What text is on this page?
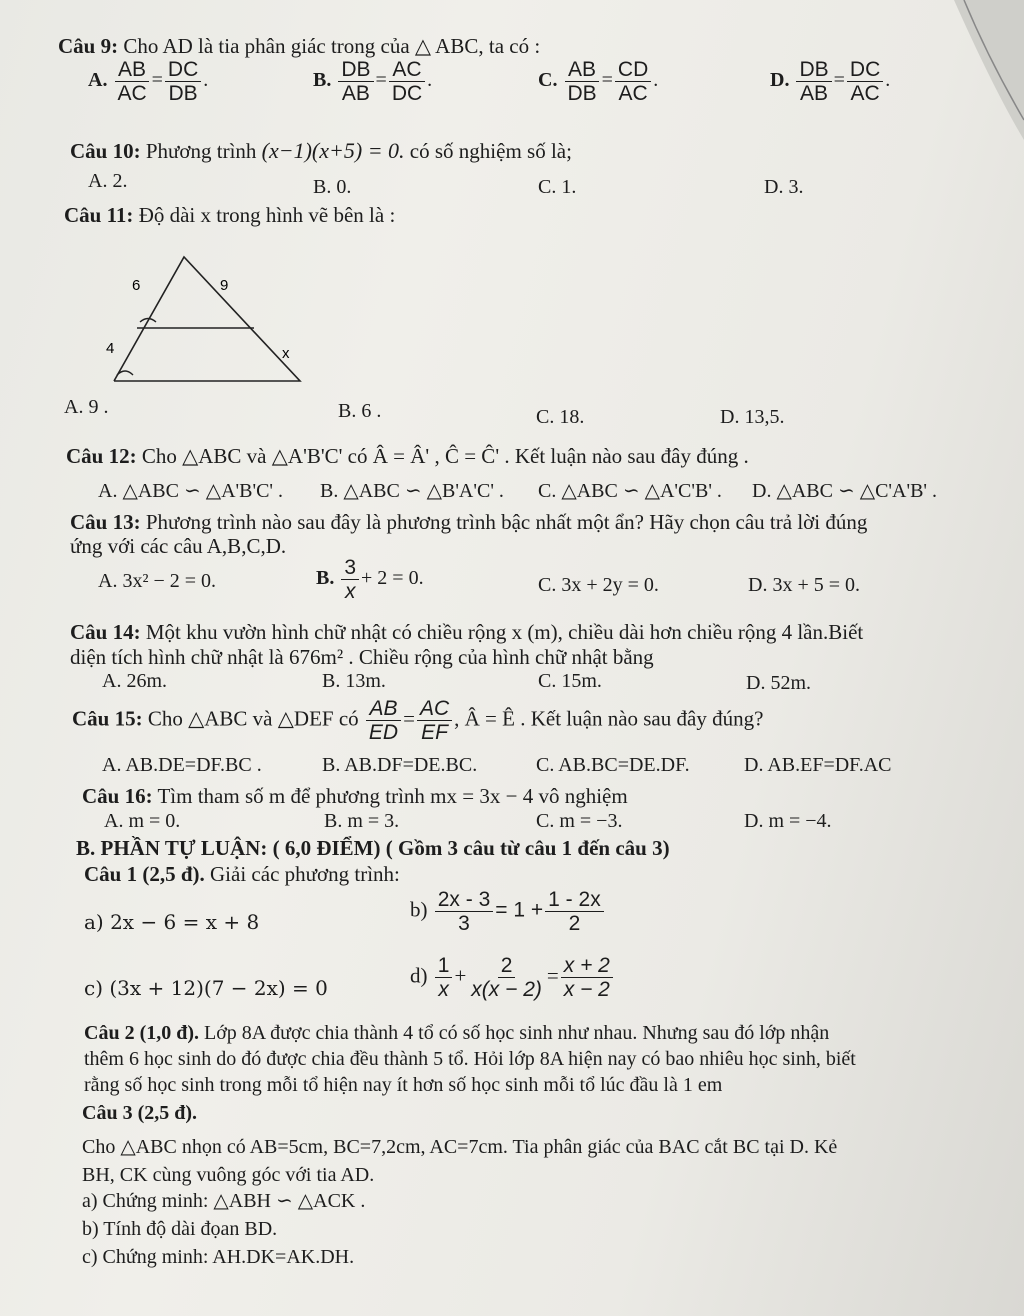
Câu 9: Cho AD là tia phân giác trong của △ ABC, ta có :
A. $\frac{AB}{AC} = \frac{DC}{DB}$ .	B. $\frac{DB}{AB} = \frac{AC}{DC}$ .	C. $\frac{AB}{DB} = \frac{CD}{AC}$ .	D. $\frac{DB}{AB} = \frac{DC}{AC}$ .
Câu 10: Phương trình (x−1)(x+5) = 0. có số nghiệm số là;
A. 2.	B. 0.	C. 1.	D. 3.
Câu 11: Độ dài x trong hình vẽ bên là :
6	9
4	x
A. 9 .	B. 6 .	C. 18.	D. 13,5.
Câu 12: Cho △ABC và △A'B'C' có Â = Â' , Ĉ = Ĉ' . Kết luận nào sau đây đúng .
A. △ABC ∽ △A'B'C' . B. △ABC ∽ △B'A'C' . C. △ABC ∽ △A'C'B' . D. △ABC ∽ △C'A'B' .
Câu 13: Phương trình nào sau đây là phương trình bậc nhất một ẩn? Hãy chọn câu trả lời đúng
ứng với các câu A,B,C,D.
A. 3x² − 2 = 0.	B. $\frac{3}{x} + 2 = 0$.	C. 3x + 2y = 0.	D. 3x + 5 = 0.
Câu 14: Một khu vườn hình chữ nhật có chiều rộng x (m), chiều dài hơn chiều rộng 4 lần.Biết
diện tích hình chữ nhật là 676m² . Chiều rộng của hình chữ nhật bằng
A. 26m.	B. 13m.	C. 15m.	D. 52m.
Câu 15: Cho △ABC và △DEF có $\frac{AB}{ED} = \frac{AC}{EF}$ , Â = Ê . Kết luận nào sau đây đúng?
A. AB.DE=DF.BC .	B. AB.DF=DE.BC.	C. AB.BC=DE.DF.	D. AB.EF=DF.AC
Câu 16: Tìm tham số m để phương trình mx = 3x − 4 vô nghiệm
A. m = 0.	B. m = 3.	C. m = −3.	D. m = −4.
B. PHẦN TỰ LUẬN: ( 6,0 ĐIỂM) ( Gồm 3 câu từ câu 1 đến câu 3)
Câu 1 (2,5 đ). Giải các phương trình:
a) 2x − 6 = x + 8
$b) \frac{2x - 3}{3} = 1 + \frac{1 - 2x}{2}$
c) (3x + 12)(7 − 2x) = 0
$d) \frac{1}{x} + \frac{2}{x(x - 2)} = \frac{x + 2}{x - 2}$
Câu 2 (1,0 đ). Lớp 8A được chia thành 4 tổ có số học sinh như nhau. Nhưng sau đó lớp nhận
thêm 6 học sinh do đó được chia đều thành 5 tổ. Hỏi lớp 8A hiện nay có bao nhiêu học sinh, biết
rằng số học sinh trong mỗi tổ hiện nay ít hơn số học sinh mỗi tổ lúc đầu là 1 em
Câu 3 (2,5 đ).
Cho △ABC nhọn có AB=5cm, BC=7,2cm, AC=7cm. Tia phân giác của BAC cắt BC tại D. Kẻ
BH, CK cùng vuông góc với tia AD.
a) Chứng minh: △ABH ∽ △ACK .
b) Tính độ dài đọan BD.
c) Chứng minh: AH.DK=AK.DH.
